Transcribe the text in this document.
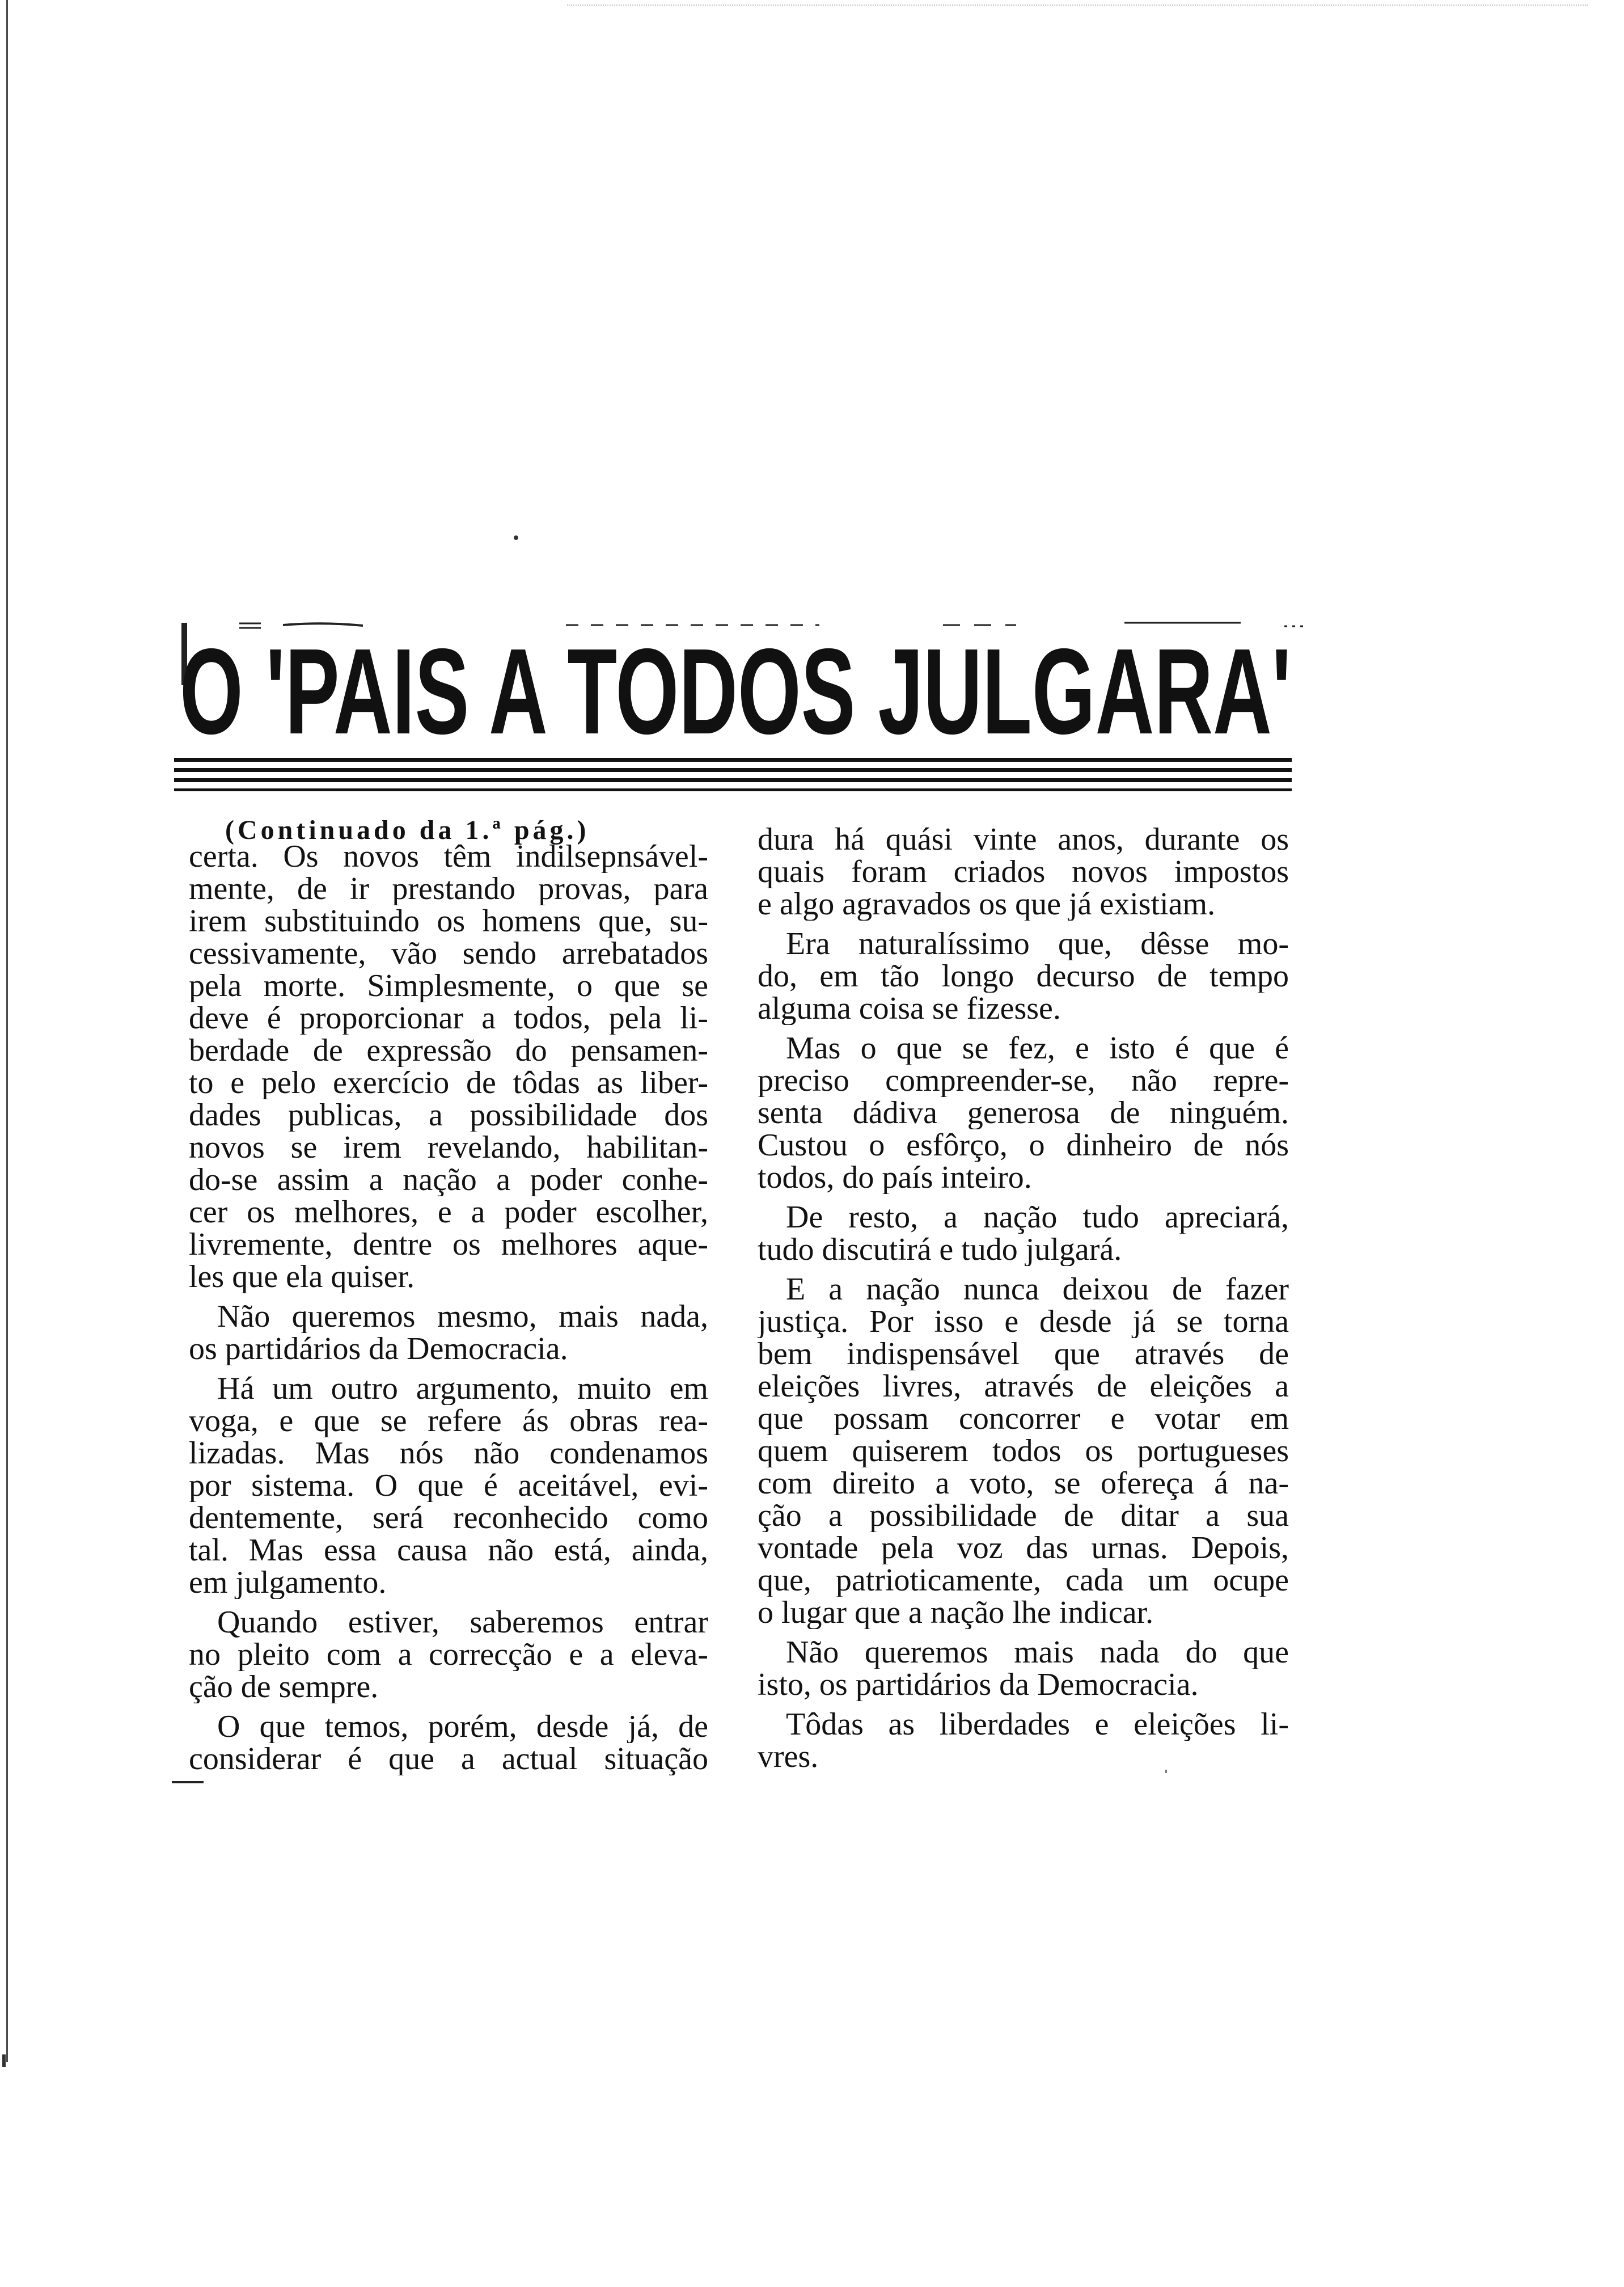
O 'PAIS A TODOS JULGARA'
(Continuado da 1.ª pág.)
certa. Os novos têm indilsepnsável-
mente, de ir prestando provas, para
irem substituindo os homens que, su-
cessivamente, vão sendo arrebatados
pela morte. Simplesmente, o que se
deve é proporcionar a todos, pela li-
berdade de expressão do pensamen-
to e pelo exercício de tôdas as liber-
dades publicas, a possibilidade dos
novos se irem revelando, habilitan-
do-se assim a nação a poder conhe-
cer os melhores, e a poder escolher,
livremente, dentre os melhores aque-
les que ela quiser.
Não queremos mesmo, mais nada,
os partidários da Democracia.
Há um outro argumento, muito em
voga, e que se refere ás obras rea-
lizadas. Mas nós não condenamos
por sistema. O que é aceitável, evi-
dentemente, será reconhecido como
tal. Mas essa causa não está, ainda,
em julgamento.
Quando estiver, saberemos entrar
no pleito com a correcção e a eleva-
ção de sempre.
O que temos, porém, desde já, de
considerar é que a actual situação
dura há quási vinte anos, durante os
quais foram criados novos impostos
e algo agravados os que já existiam.
Era naturalíssimo que, dêsse mo-
do, em tão longo decurso de tempo
alguma coisa se fizesse.
Mas o que se fez, e isto é que é
preciso compreender-se, não repre-
senta dádiva generosa de ninguém.
Custou o esfôrço, o dinheiro de nós
todos, do país inteiro.
De resto, a nação tudo apreciará,
tudo discutirá e tudo julgará.
E a nação nunca deixou de fazer
justiça. Por isso e desde já se torna
bem indispensável que através de
eleições livres, através de eleições a
que possam concorrer e votar em
quem quiserem todos os portugueses
com direito a voto, se ofereça á na-
ção a possibilidade de ditar a sua
vontade pela voz das urnas. Depois,
que, patrioticamente, cada um ocupe
o lugar que a nação lhe indicar.
Não queremos mais nada do que
isto, os partidários da Democracia.
Tôdas as liberdades e eleições li-
vres.
